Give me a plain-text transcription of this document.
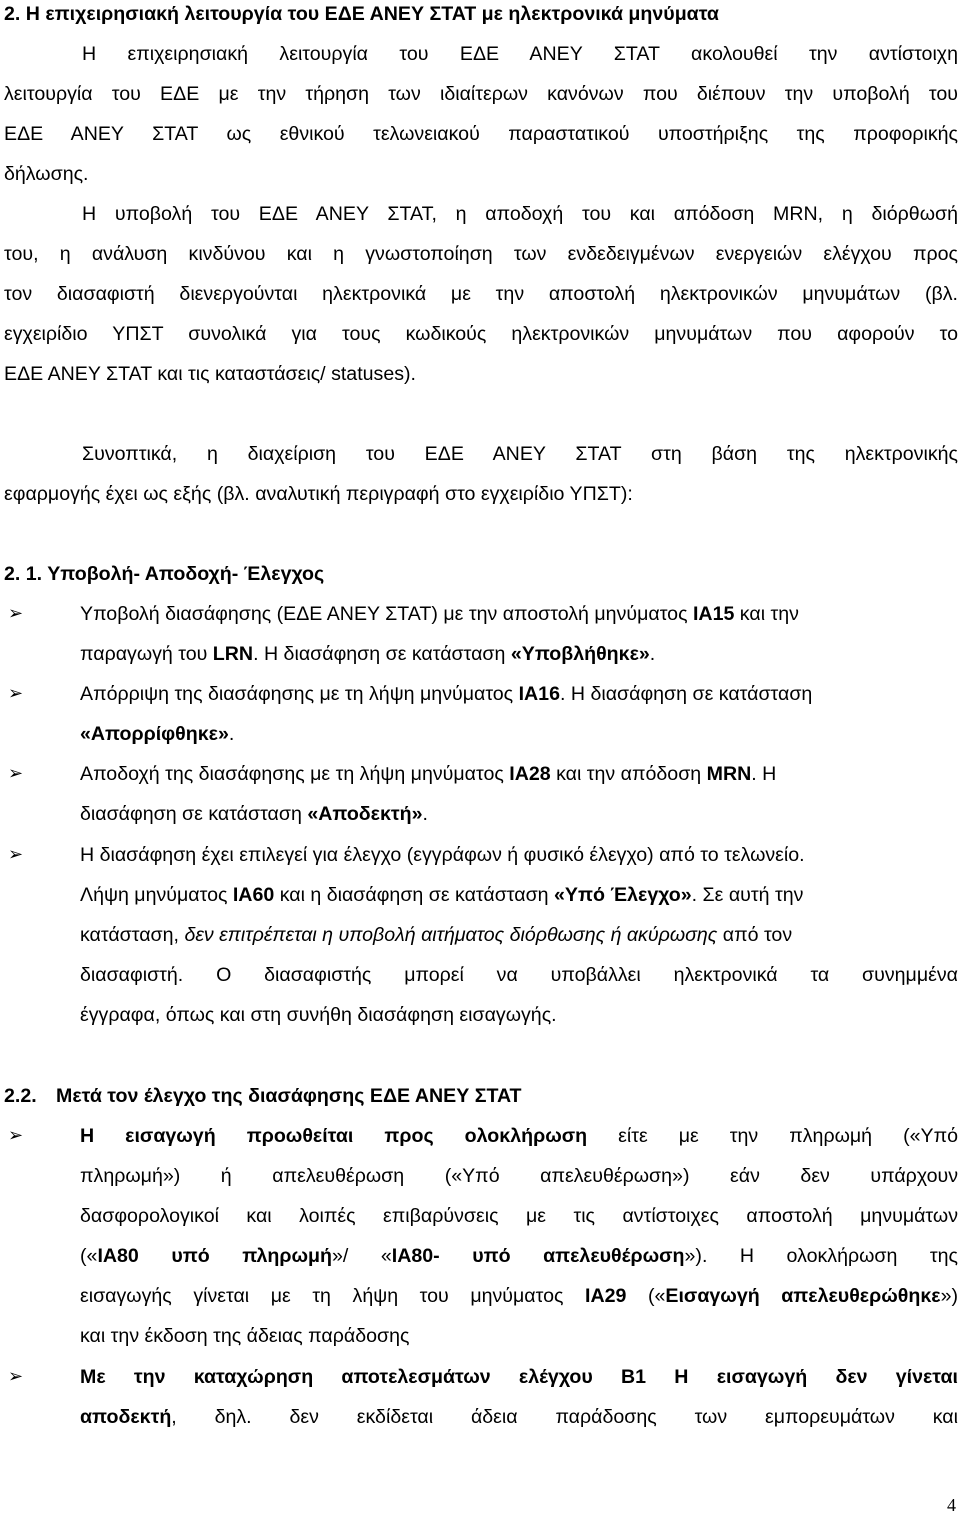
2. Η επιχειρησιακή λειτουργία του ΕΔΕ ΑΝΕΥ ΣΤΑΤ με ηλεκτρονικά μηνύματα
Η επιχειρησιακή λειτουργία του ΕΔΕ ΑΝΕΥ ΣΤΑΤ ακολουθεί την αντίστοιχη
λειτουργία του ΕΔΕ με την τήρηση των ιδιαίτερων κανόνων που διέπουν την υποβολή του
ΕΔΕ ΑΝΕΥ ΣΤΑΤ ως εθνικού τελωνειακού παραστατικού υποστήριξης της προφορικής
δήλωσης.
Η υποβολή του ΕΔΕ ΑΝΕΥ ΣΤΑΤ, η αποδοχή του και απόδοση MRN, η διόρθωσή
του, η ανάλυση κινδύνου και η γνωστοποίηση των ενδεδειγμένων ενεργειών ελέγχου προς
τον διασαφιστή διενεργούνται ηλεκτρονικά με την αποστολή ηλεκτρονικών μηνυμάτων (βλ.
εγχειρίδιο ΥΠΣΤ συνολικά για τους κωδικούς ηλεκτρονικών μηνυμάτων που αφορούν το
ΕΔΕ ΑΝΕΥ ΣΤΑΤ και τις καταστάσεις/ statuses).
Συνοπτικά, η διαχείριση του ΕΔΕ ΑΝΕΥ ΣΤΑΤ στη βάση της ηλεκτρονικής
εφαρμογής έχει ως εξής (βλ. αναλυτική περιγραφή στο εγχειρίδιο ΥΠΣΤ):
2. 1. Υποβολή- Αποδοχή- Έλεγχος
➢	Υποβολή διασάφησης (ΕΔΕ ΑΝΕΥ ΣΤΑΤ) με την αποστολή μηνύματος IA15 και την
παραγωγή του LRN. Η διασάφηση σε κατάσταση «Υποβλήθηκε».
➢	Απόρριψη της διασάφησης με τη λήψη μηνύματος IA16. Η διασάφηση σε κατάσταση
«Απορρίφθηκε».
➢	Αποδοχή της διασάφησης με τη λήψη μηνύματος IA28 και την απόδοση MRN. Η
διασάφηση σε κατάσταση «Αποδεκτή».
➢	Η διασάφηση έχει επιλεγεί για έλεγχο (εγγράφων ή φυσικό έλεγχο) από το τελωνείο.
Λήψη μηνύματος IA60 και η διασάφηση σε κατάσταση «Υπό Έλεγχο». Σε αυτή την
κατάσταση, δεν επιτρέπεται η υποβολή αιτήματος διόρθωσης ή ακύρωσης από τον
διασαφιστή. Ο διασαφιστής μπορεί να υποβάλλει ηλεκτρονικά τα συνημμένα
έγγραφα, όπως και στη συνήθη διασάφηση εισαγωγής.
2.2. Μετά τον έλεγχο της διασάφησης ΕΔΕ ΑΝΕΥ ΣΤΑΤ
➢	Η εισαγωγή προωθείται προς ολοκλήρωση είτε με την πληρωμή («Υπό
πληρωμή») ή απελευθέρωση («Υπό απελευθέρωση») εάν δεν υπάρχουν
δασφορολογικοί και λοιπές επιβαρύνσεις με τις αντίστοιχες αποστολή μηνυμάτων
(«IA80 υπό πληρωμή»/ «IA80- υπό απελευθέρωση»). Η ολοκλήρωση της
εισαγωγής γίνεται με τη λήψη του μηνύματος IA29 («Εισαγωγή απελευθερώθηκε»)
και την έκδοση της άδειας παράδοσης
➢	Με την καταχώρηση αποτελεσμάτων ελέγχου Β1 Η εισαγωγή δεν γίνεται
αποδεκτή, δηλ. δεν εκδίδεται άδεια παράδοσης των εμπορευμάτων και
4
